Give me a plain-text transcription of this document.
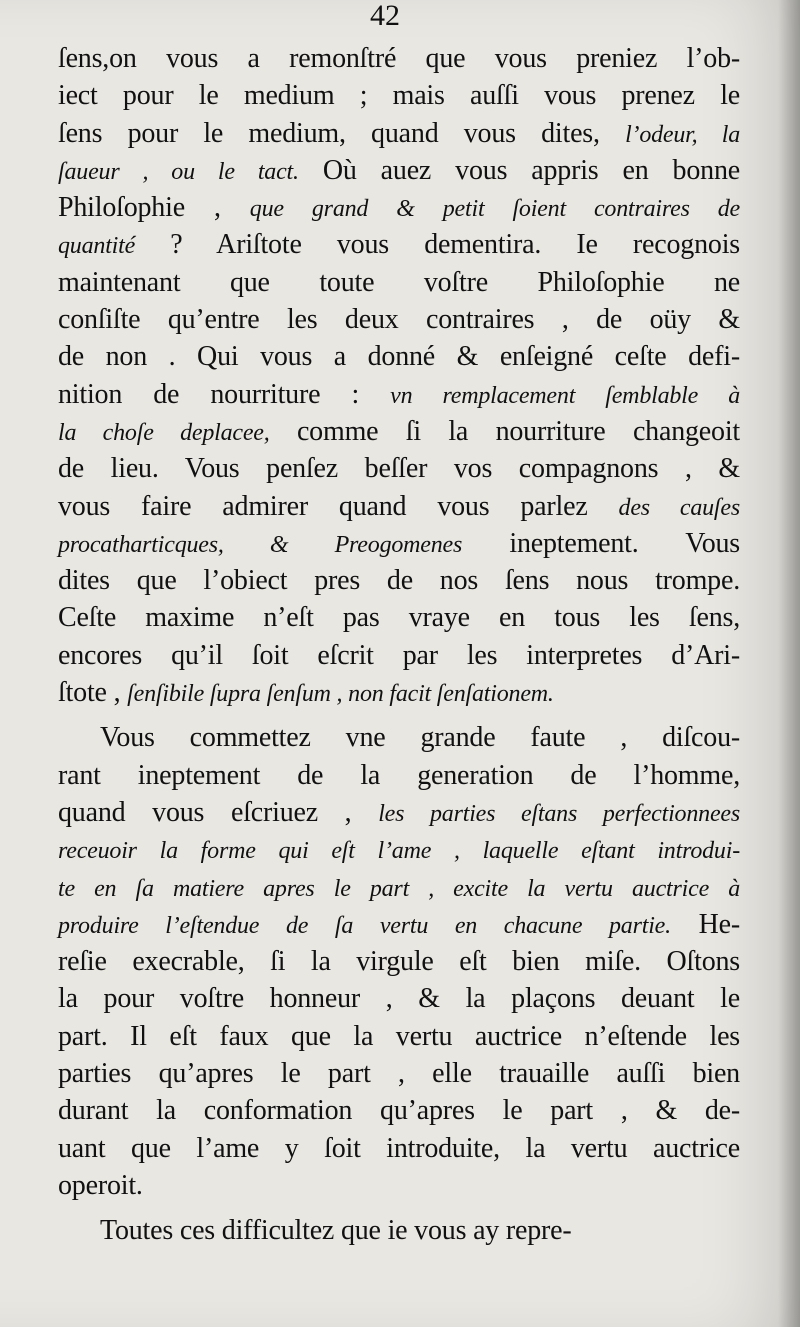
42
ſens,on vous a remonſtré que vous preniez l’ob-
iect pour le medium ; mais auſſi vous prenez le
ſens pour le medium, quand vous dites, l’odeur, la
ſaueur , ou le tact. Où auez vous appris en bonne
Philoſophie , que grand & petit ſoient contraires de
quantité ? Ariſtote vous dementira. Ie recognois
maintenant que toute voſtre Philoſophie ne
conſiſte qu’entre les deux contraires , de oüy &
de non . Qui vous a donné & enſeigné ceſte defi-
nition de nourriture : vn remplacement ſemblable à
la choſe deplacee, comme ſi la nourriture changeoit
de lieu. Vous penſez beſſer vos compagnons , &
vous faire admirer quand vous parlez des cauſes
procatharticques, & Preogomenes ineptement. Vous
dites que l’obiect pres de nos ſens nous trompe.
Ceſte maxime n’eſt pas vraye en tous les ſens,
encores qu’il ſoit eſcrit par les interpretes d’Ari-
ſtote , ſenſibile ſupra ſenſum , non facit ſenſationem.
Vous commettez vne grande faute , diſcou-
rant ineptement de la generation de l’homme,
quand vous eſcriuez , les parties eſtans perfectionnees
receuoir la forme qui eſt l’ame , laquelle eſtant introdui-
te en ſa matiere apres le part , excite la vertu auctrice à
produire l’eſtendue de ſa vertu en chacune partie. He-
reſie execrable, ſi la virgule eſt bien miſe. Oſtons
la pour voſtre honneur , & la plaçons deuant le
part. Il eſt faux que la vertu auctrice n’eſtende les
parties qu’apres le part , elle trauaille auſſi bien
durant la conformation qu’apres le part , & de-
uant que l’ame y ſoit introduite, la vertu auctrice
operoit.
Toutes ces difficultez que ie vous ay repre-
